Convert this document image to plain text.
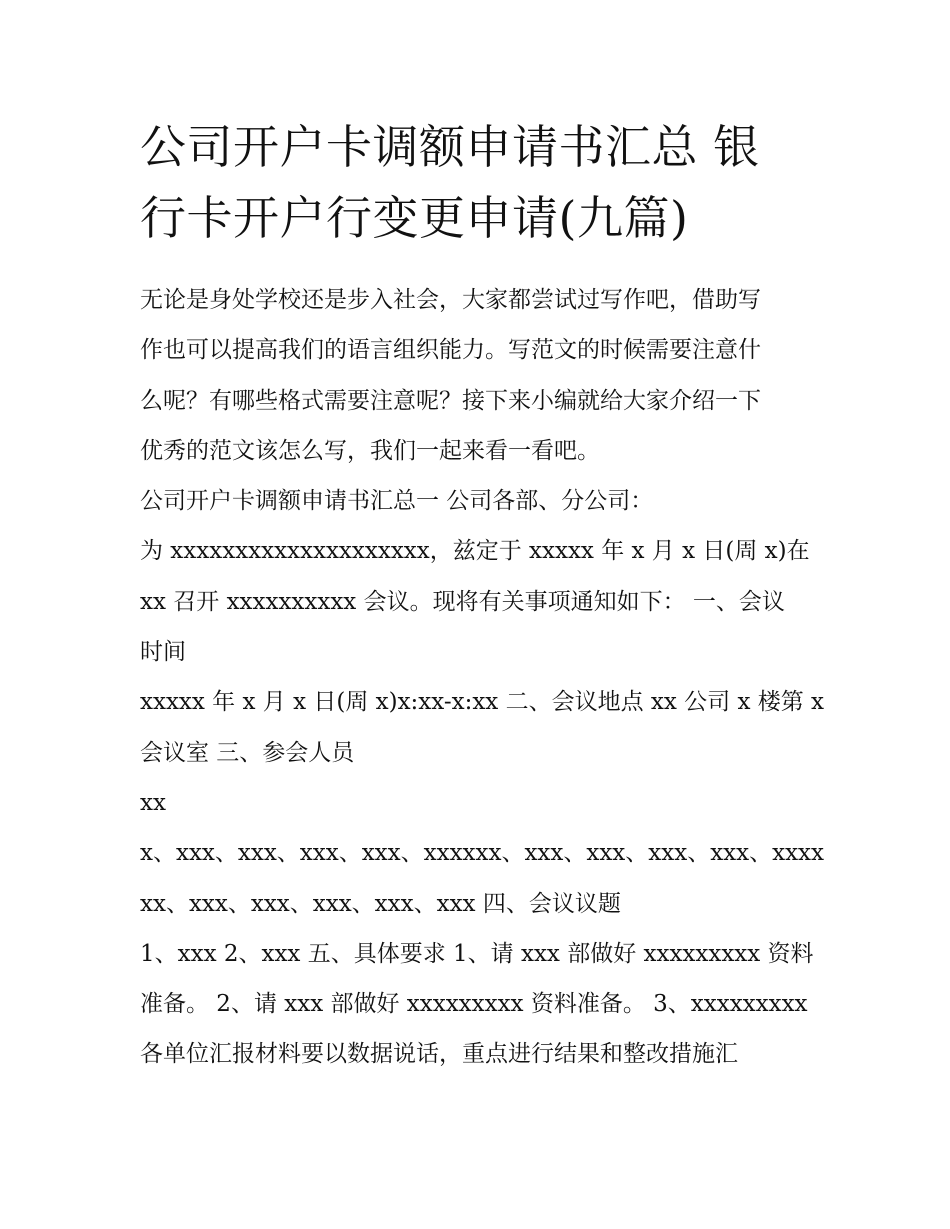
公司开户卡调额申请书汇总 银
行卡开户行变更申请(九篇)
无论是身处学校还是步入社会，大家都尝试过写作吧，借助写
作也可以提高我们的语言组织能力。写范文的时候需要注意什
么呢？有哪些格式需要注意呢？接下来小编就给大家介绍一下
优秀的范文该怎么写，我们一起来看一看吧。
公司开户卡调额申请书汇总一 公司各部、分公司：
为 xxxxxxxxxxxxxxxxxxxx，兹定于 xxxxx 年 x 月 x 日(周 x)在
xx 召开 xxxxxxxxxx 会议。现将有关事项通知如下： 一、会议
时间
xxxxx 年 x 月 x 日(周 x)x:xx-x:xx 二、会议地点 xx 公司 x 楼第 x
会议室 三、参会人员
xx
x、xxx、xxx、xxx、xxx、xxxxxx、xxx、xxx、xxx、xxx、xxxx
xx、xxx、xxx、xxx、xxx、xxx 四、会议议题
1、xxx 2、xxx 五、具体要求 1、请 xxx 部做好 xxxxxxxxx 资料
准备。 2、请 xxx 部做好 xxxxxxxxx 资料准备。 3、xxxxxxxxx
各单位汇报材料要以数据说话，重点进行结果和整改措施汇
